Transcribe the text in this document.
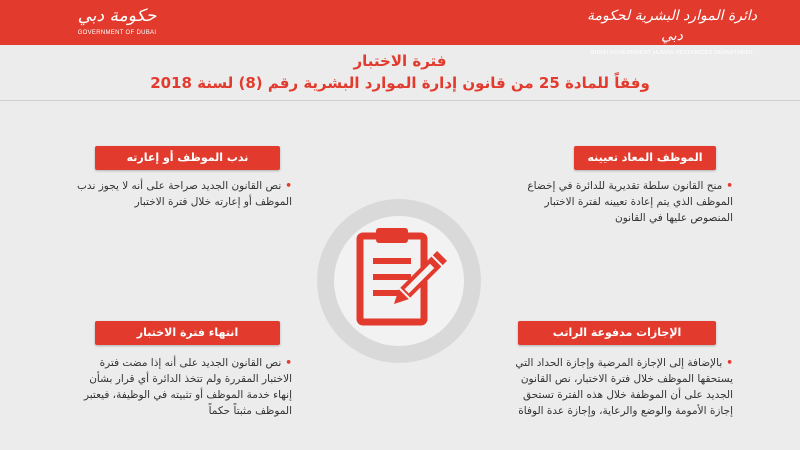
حكومة دبي
GOVERNMENT OF DUBAI
دائرة الموارد البشرية لحكومة دبي
DUBAI GOVERNMENT HUMAN RESOURCES DEPARTMENT
فترة الاختبار
وفقاً للمادة 25 من قانون إدارة الموارد البشرية رقم (8) لسنة 2018
الموظف المعاد تعيينه
•منح القانون سلطة تقديرية للدائرة في إخضاع الموظف الذي يتم إعادة تعيينه لفترة الاختبار المنصوص عليها في القانون
ندب الموظف أو إعارته
•نص القانون الجديد صراحة على أنه لا يجوز ندب الموظف أو إعارته خلال فترة الاختبار
الإجازات مدفوعة الراتب
•بالإضافة إلى الإجازة المرضية وإجازة الحداد التي يستحقها الموظف خلال فترة الاختبار، نص القانون الجديد على أن الموظفة خلال هذه الفترة تستحق إجازة الأمومة والوضع والرعاية، وإجازة عدة الوفاة
انتهاء فترة الاختبار
•نص القانون الجديد على أنه إذا مضت فترة الاختبار المقررة ولم تتخذ الدائرة أي قرار بشأن إنهاء خدمة الموظف أو تثبيته في الوظيفة، فيعتبر الموظف مثبتاً حكماً
